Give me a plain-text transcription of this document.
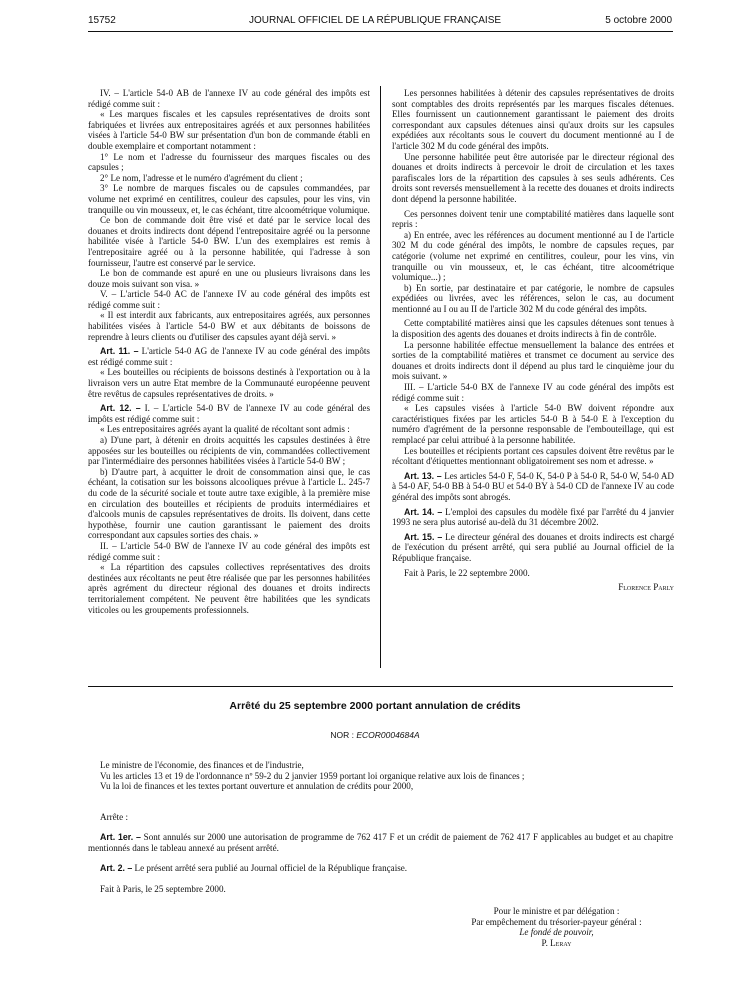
15752	JOURNAL OFFICIEL DE LA RÉPUBLIQUE FRANÇAISE	5 octobre 2000

IV. – L'article 54-0 AB de l'annexe IV au code général des impôts est rédigé comme suit :

« Les marques fiscales et les capsules représentatives de droits sont fabriquées et livrées aux entrepositaires agréés et aux personnes habilitées visées à l'article 54-0 BW sur présentation d'un bon de commande établi en double exemplaire et comportant notamment :

1° Le nom et l'adresse du fournisseur des marques fiscales ou des capsules ;

2° Le nom, l'adresse et le numéro d'agrément du client ;

3° Le nombre de marques fiscales ou de capsules commandées, par volume net exprimé en centilitres, couleur des capsules, pour les vins, vin tranquille ou vin mousseux, et, le cas échéant, titre alcoométrique volumique.

Ce bon de commande doit être visé et daté par le service local des douanes et droits indirects dont dépend l'entrepositaire agréé ou la personne habilitée visée à l'article 54-0 BW. L'un des exemplaires est remis à l'entrepositaire agréé ou à la personne habilitée, qui l'adresse à son fournisseur, l'autre est conservé par le service.

Le bon de commande est apuré en une ou plusieurs livraisons dans les douze mois suivant son visa. »

V. – L'article 54-0 AC de l'annexe IV au code général des impôts est rédigé comme suit :

« Il est interdit aux fabricants, aux entrepositaires agréés, aux personnes habilitées visées à l'article 54-0 BW et aux débitants de boissons de reprendre à leurs clients ou d'utiliser des capsules ayant déjà servi. »

Art. 11. – L'article 54-0 AG de l'annexe IV au code général des impôts est rédigé comme suit :

« Les bouteilles ou récipients de boissons destinés à l'exportation ou à la livraison vers un autre Etat membre de la Communauté européenne peuvent être revêtus de capsules représentatives de droits. »

Art. 12. – I. – L'article 54-0 BV de l'annexe IV au code général des impôts est rédigé comme suit :

« Les entrepositaires agréés ayant la qualité de récoltant sont admis :

a) D'une part, à détenir en droits acquittés les capsules destinées à être apposées sur les bouteilles ou récipients de vin, commandées collectivement par l'intermédiaire des personnes habilitées visées à l'article 54-0 BW ;

b) D'autre part, à acquitter le droit de consommation ainsi que, le cas échéant, la cotisation sur les boissons alcooliques prévue à l'article L. 245-7 du code de la sécurité sociale et toute autre taxe exigible, à la première mise en circulation des bouteilles et récipients de produits intermédiaires et d'alcools munis de capsules représentatives de droits. Ils doivent, dans cette hypothèse, fournir une caution garantissant le paiement des droits correspondant aux capsules sorties des chais. »

II. – L'article 54-0 BW de l'annexe IV au code général des impôts est rédigé comme suit :

« La répartition des capsules collectives représentatives des droits destinées aux récoltants ne peut être réalisée que par les personnes habilitées après agrément du directeur régional des douanes et droits indirects territorialement compétent. Ne peuvent être habilitées que les syndicats viticoles ou les groupements professionnels.

Les personnes habilitées à détenir des capsules représentatives de droits sont comptables des droits représentés par les marques fiscales détenues. Elles fournissent un cautionnement garantissant le paiement des droits correspondant aux capsules détenues ainsi qu'aux droits sur les capsules expédiées aux récoltants sous le couvert du document mentionné au I de l'article 302 M du code général des impôts.

Une personne habilitée peut être autorisée par le directeur régional des douanes et droits indirects à percevoir le droit de circulation et les taxes parafiscales lors de la répartition des capsules à ses seuls adhérents. Ces droits sont reversés mensuellement à la recette des douanes et droits indirects dont dépend la personne habilitée.

Ces personnes doivent tenir une comptabilité matières dans laquelle sont repris :

a) En entrée, avec les références au document mentionné au I de l'article 302 M du code général des impôts, le nombre de capsules reçues, par catégorie (volume net exprimé en centilitres, couleur, pour les vins, vin tranquille ou vin mousseux, et, le cas échéant, titre alcoométrique volumique...) ;

b) En sortie, par destinataire et par catégorie, le nombre de capsules expédiées ou livrées, avec les références, selon le cas, au document mentionné au I ou au II de l'article 302 M du code général des impôts.

Cette comptabilité matières ainsi que les capsules détenues sont tenues à la disposition des agents des douanes et droits indirects à fin de contrôle.

La personne habilitée effectue mensuellement la balance des entrées et sorties de la comptabilité matières et transmet ce document au service des douanes et droits indirects dont il dépend au plus tard le cinquième jour du mois suivant. »

III. – L'article 54-0 BX de l'annexe IV au code général des impôts est rédigé comme suit :

« Les capsules visées à l'article 54-0 BW doivent répondre aux caractéristiques fixées par les articles 54-0 B à 54-0 E à l'exception du numéro d'agrément de la personne responsable de l'embouteillage, qui est remplacé par celui attribué à la personne habilitée.

Les bouteilles et récipients portant ces capsules doivent être revêtus par le récoltant d'étiquettes mentionnant obligatoirement ses nom et adresse. »

Art. 13. – Les articles 54-0 F, 54-0 K, 54-0 P à 54-0 R, 54-0 W, 54-0 AD à 54-0 AF, 54-0 BB à 54-0 BU et 54-0 BY à 54-0 CD de l'annexe IV au code général des impôts sont abrogés.

Art. 14. – L'emploi des capsules du modèle fixé par l'arrêté du 4 janvier 1993 ne sera plus autorisé au-delà du 31 décembre 2002.

Art. 15. – Le directeur général des douanes et droits indirects est chargé de l'exécution du présent arrêté, qui sera publié au Journal officiel de la République française.

Fait à Paris, le 22 septembre 2000.

Florence Parly
Arrêté du 25 septembre 2000 portant annulation de crédits
NOR : ECOR0004684A

Le ministre de l'économie, des finances et de l'industrie,

Vu les articles 13 et 19 de l'ordonnance nº 59-2 du 2 janvier 1959 portant loi organique relative aux lois de finances ;

Vu la loi de finances et les textes portant ouverture et annulation de crédits pour 2000,

Arrête :

Art. 1er. – Sont annulés sur 2000 une autorisation de programme de 762 417 F et un crédit de paiement de 762 417 F applicables au budget et au chapitre mentionnés dans le tableau annexé au présent arrêté.

Art. 2. – Le présent arrêté sera publié au Journal officiel de la République française.

Fait à Paris, le 25 septembre 2000.

Pour le ministre et par délégation :
Par empêchement du trésorier-payeur général :
Le fondé de pouvoir,
P. Leray
